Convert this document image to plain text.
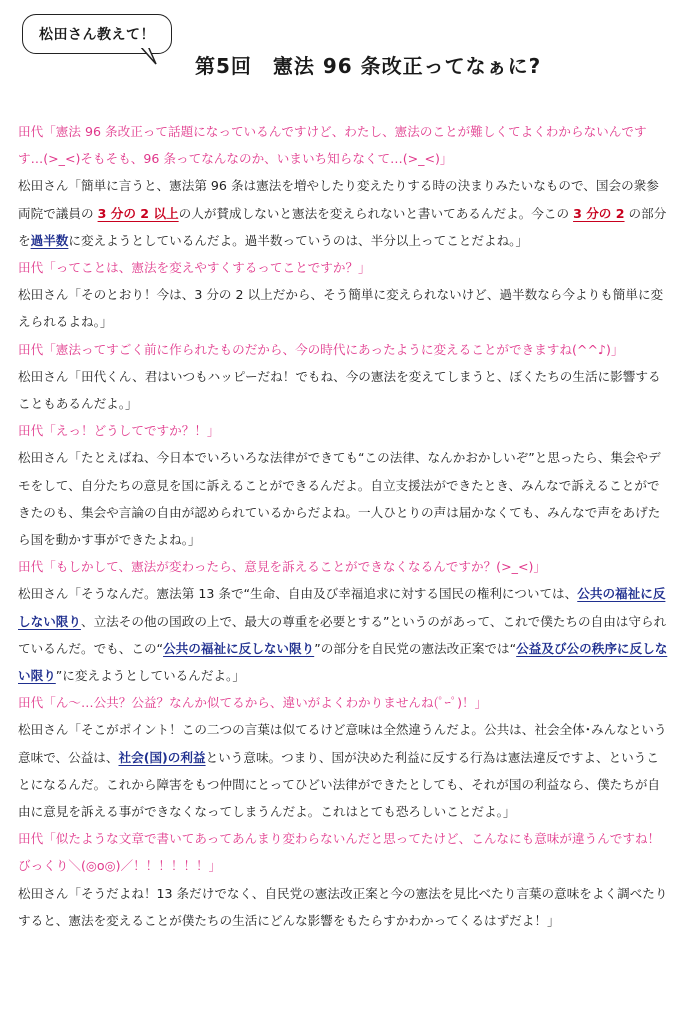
松田さん教えて！
第5回　憲法 96 条改正ってなぁに?

田代「憲法 96 条改正って話題になっているんですけど、わたし、憲法のことが難しくてよくわからないんですす…(>_<)そもそも、96 条ってなんなのか、いまいち知らなくて…(>_<)」

松田さん「簡単に言うと、憲法第 96 条は憲法を増やしたり変えたりする時の決まりみたいなもので、国会の衆参両院で議員の 3 分の 2 以上の人が賛成しないと憲法を変えられないと書いてあるんだよ。今この 3 分の 2 の部分を過半数に変えようとしているんだよ。過半数っていうのは、半分以上ってことだよね。」

田代「ってことは、憲法を変えやすくするってことですか？」

松田さん「そのとおり！今は、3 分の 2 以上だから、そう簡単に変えられないけど、過半数なら今よりも簡単に変えられるよね。」

田代「憲法ってすごく前に作られたものだから、今の時代にあったように変えることができますね(^^♪)」

松田さん「田代くん、君はいつもハッピーだね！でもね、今の憲法を変えてしまうと、ぼくたちの生活に影響することもあるんだよ。」

田代「えっ！どうしてですか？！」

松田さん「たとえばね、今日本でいろいろな法律ができても“この法律、なんかおかしいぞ”と思ったら、集会やデモをして、自分たちの意見を国に訴えることができるんだよ。自立支援法ができたとき、みんなで訴えることができたのも、集会や言論の自由が認められているからだよね。一人ひとりの声は届かなくても、みんなで声をあげたら国を動かす事ができたよね。」

田代「もしかして、憲法が変わったら、意見を訴えることができなくなるんですか？(>_<)」

松田さん「そうなんだ。憲法第 13 条で“生命、自由及び幸福追求に対する国民の権利については、公共の福祉に反しない限り、立法その他の国政の上で、最大の尊重を必要とする”というのがあって、これで僕たちの自由は守られているんだ。でも、この“公共の福祉に反しない限り”の部分を自民党の憲法改正案では“公益及び公の秩序に反しない限り”に変えようとしているんだよ。」

田代「ん～…公共？公益？なんか似てるから、違いがよくわかりませんね(ﾟｰﾟ)！」

松田さん「そこがポイント！この二つの言葉は似てるけど意味は全然違うんだよ。公共は、社会全体･みんなという意味で、公益は、社会(国)の利益という意味。つまり、国が決めた利益に反する行為は憲法違反ですよ、ということになるんだ。これから障害をもつ仲間にとってひどい法律ができたとしても、それが国の利益なら、僕たちが自由に意見を訴える事ができなくなってしまうんだよ。これはとても恐ろしいことだよ。」

田代「似たような文章で書いてあってあんまり変わらないんだと思ってたけど、こんなにも意味が違うんですね！びっくり＼(◎o◎)／！！！！！！」

松田さん「そうだよね！13 条だけでなく、自民党の憲法改正案と今の憲法を見比べたり言葉の意味をよく調べたりすると、憲法を変えることが僕たちの生活にどんな影響をもたらすかわかってくるはずだよ！」
